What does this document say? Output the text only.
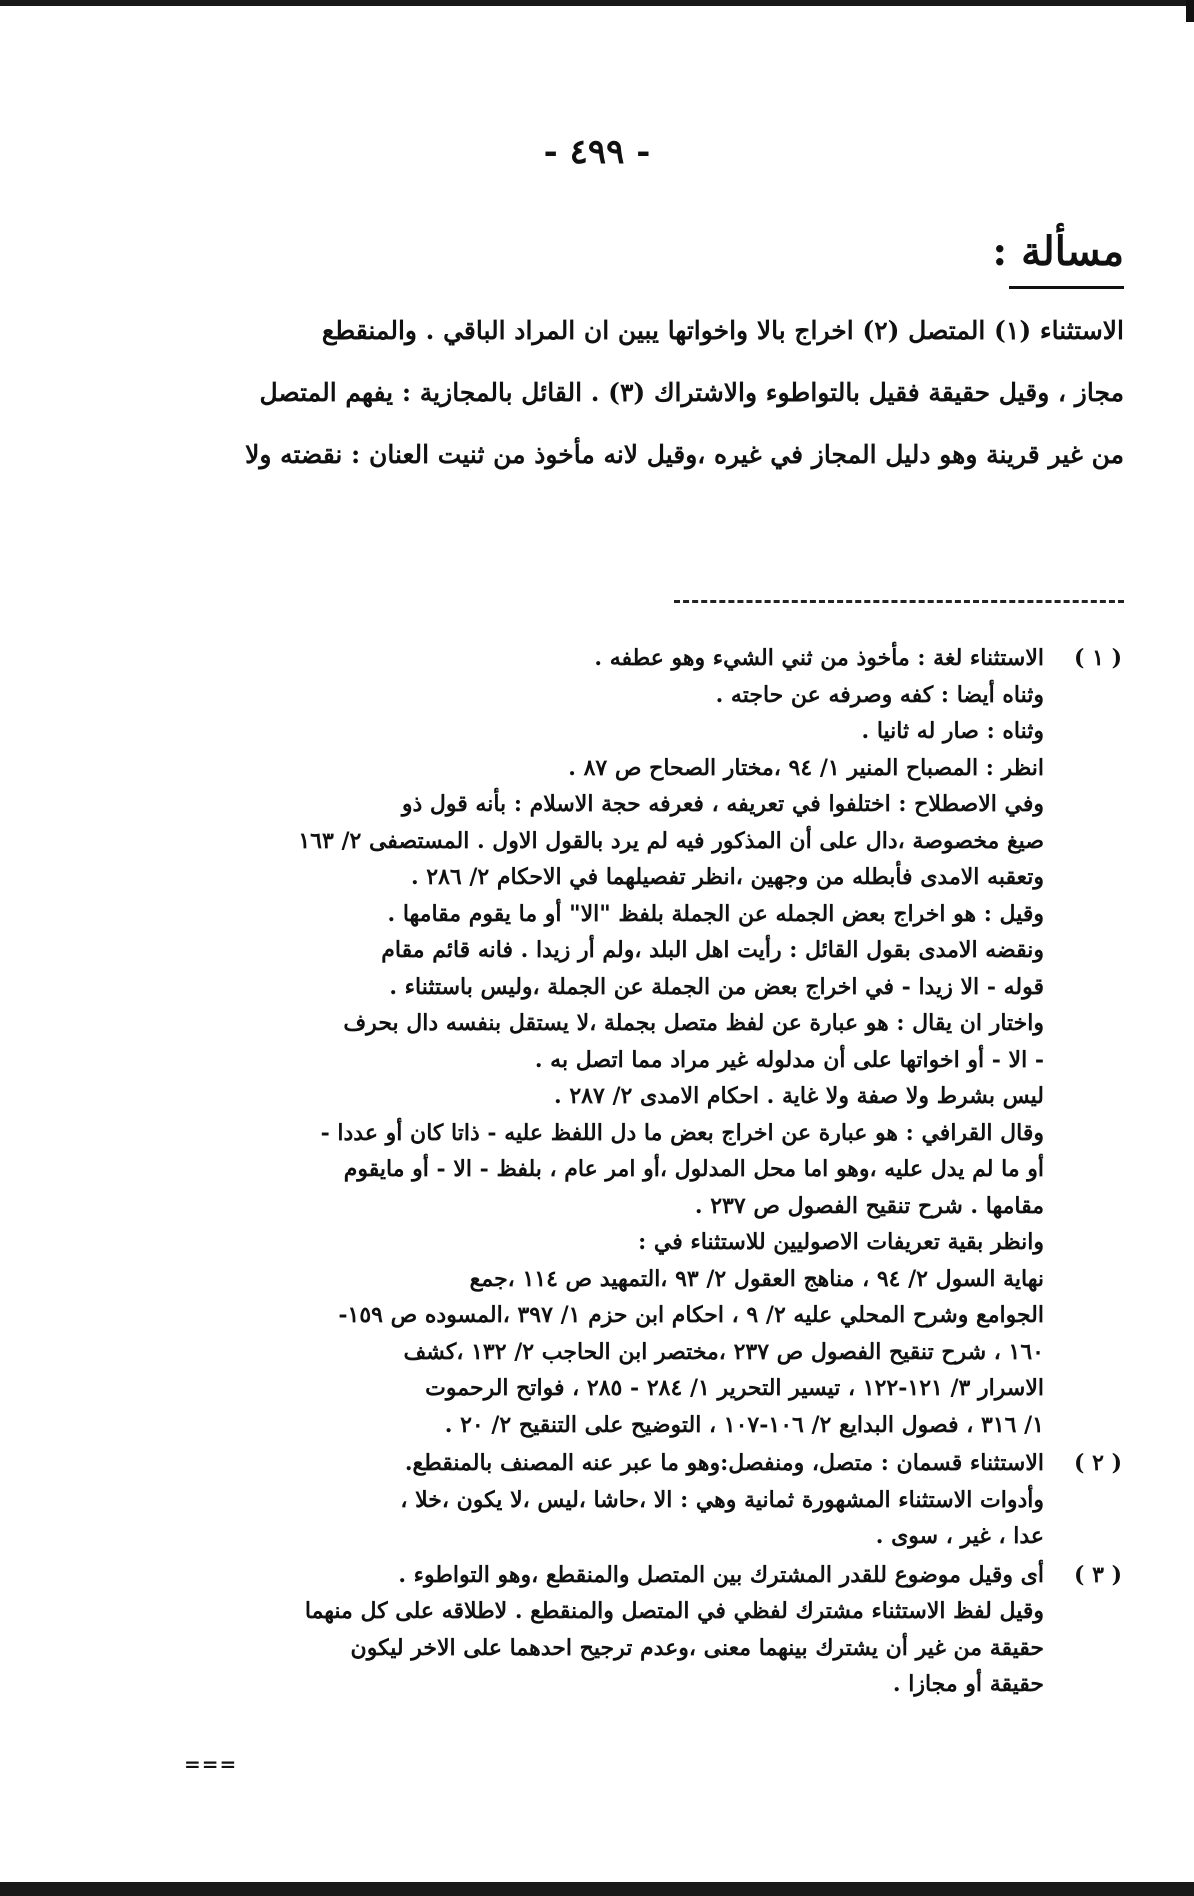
- ٤٩٩ -
مسألة :

الاستثناء (١) المتصل (٢) اخراج بالا واخواتها يبين ان المراد الباقي . والمنقطع

مجاز ، وقيل حقيقة فقيل بالتواطوء والاشتراك (٣) . القائل بالمجازية : يفهم المتصل

من غير قرينة وهو دليل المجاز في غيره ،وقيل لانه مأخوذ من ثنيت العنان : نقضته ولا

( ١ )
الاستثناء لغة : مأخوذ من ثني الشيء وهو عطفه .
وثناه أيضا : كفه وصرفه عن حاجته .
وثناه : صار له ثانيا .
انظر : المصباح المنير ١/ ٩٤ ،مختار الصحاح ص ٨٧ .
وفي الاصطلاح : اختلفوا في تعريفه ، فعرفه حجة الاسلام : بأنه قول ذو
صيغ مخصوصة ،دال على أن المذكور فيه لم يرد بالقول الاول . المستصفى ٢/ ١٦٣
وتعقبه الامدى فأبطله من وجهين ،انظر تفصيلهما في الاحكام ٢/ ٢٨٦ .
وقيل : هو اخراج بعض الجمله عن الجملة بلفظ "الا" أو ما يقوم مقامها .
ونقضه الامدى بقول القائل : رأيت اهل البلد ،ولم أر زيدا . فانه قائم مقام
قوله - الا زيدا - في اخراج بعض من الجملة عن الجملة ،وليس باستثناء .
واختار ان يقال : هو عبارة عن لفظ متصل بجملة ،لا يستقل بنفسه دال بحرف
- الا - أو اخواتها على أن مدلوله غير مراد مما اتصل به .
ليس بشرط ولا صفة ولا غاية . احكام الامدى ٢/ ٢٨٧ .
وقال القرافي : هو عبارة عن اخراج بعض ما دل اللفظ عليه - ذاتا كان أو عددا -
أو ما لم يدل عليه ،وهو اما محل المدلول ،أو امر عام ، بلفظ - الا - أو مايقوم
مقامها . شرح تنقيح الفصول ص ٢٣٧ .
وانظر بقية تعريفات الاصوليين للاستثناء في :
نهاية السول ٢/ ٩٤ ، مناهج العقول ٢/ ٩٣ ،التمهيد ص ١١٤ ،جمع
الجوامع وشرح المحلي عليه ٢/ ٩ ، احكام ابن حزم ١/ ٣٩٧ ،المسوده ص ١٥٩-
١٦٠ ، شرح تنقيح الفصول ص ٢٣٧ ،مختصر ابن الحاجب ٢/ ١٣٢ ،كشف
الاسرار ٣/ ١٢١-١٢٢ ، تيسير التحرير ١/ ٢٨٤ - ٢٨٥ ، فواتح الرحموت
١/ ٣١٦ ، فصول البدايع ٢/ ١٠٦-١٠٧ ، التوضيح على التنقيح ٢/ ٢٠ .
( ٢ )
الاستثناء قسمان : متصل، ومنفصل:وهو ما عبر عنه المصنف بالمنقطع.
وأدوات الاستثناء المشهورة ثمانية وهي : الا ،حاشا ،ليس ،لا يكون ،خلا ،
عدا ، غير ، سوى .
( ٣ )
أى وقيل موضوع للقدر المشترك بين المتصل والمنقطع ،وهو التواطوء .
وقيل لفظ الاستثناء مشترك لفظي في المتصل والمنقطع . لاطلاقه على كل منهما
حقيقة من غير أن يشترك بينهما معنى ،وعدم ترجيح احدهما على الاخر ليكون
حقيقة أو مجازا .
===
